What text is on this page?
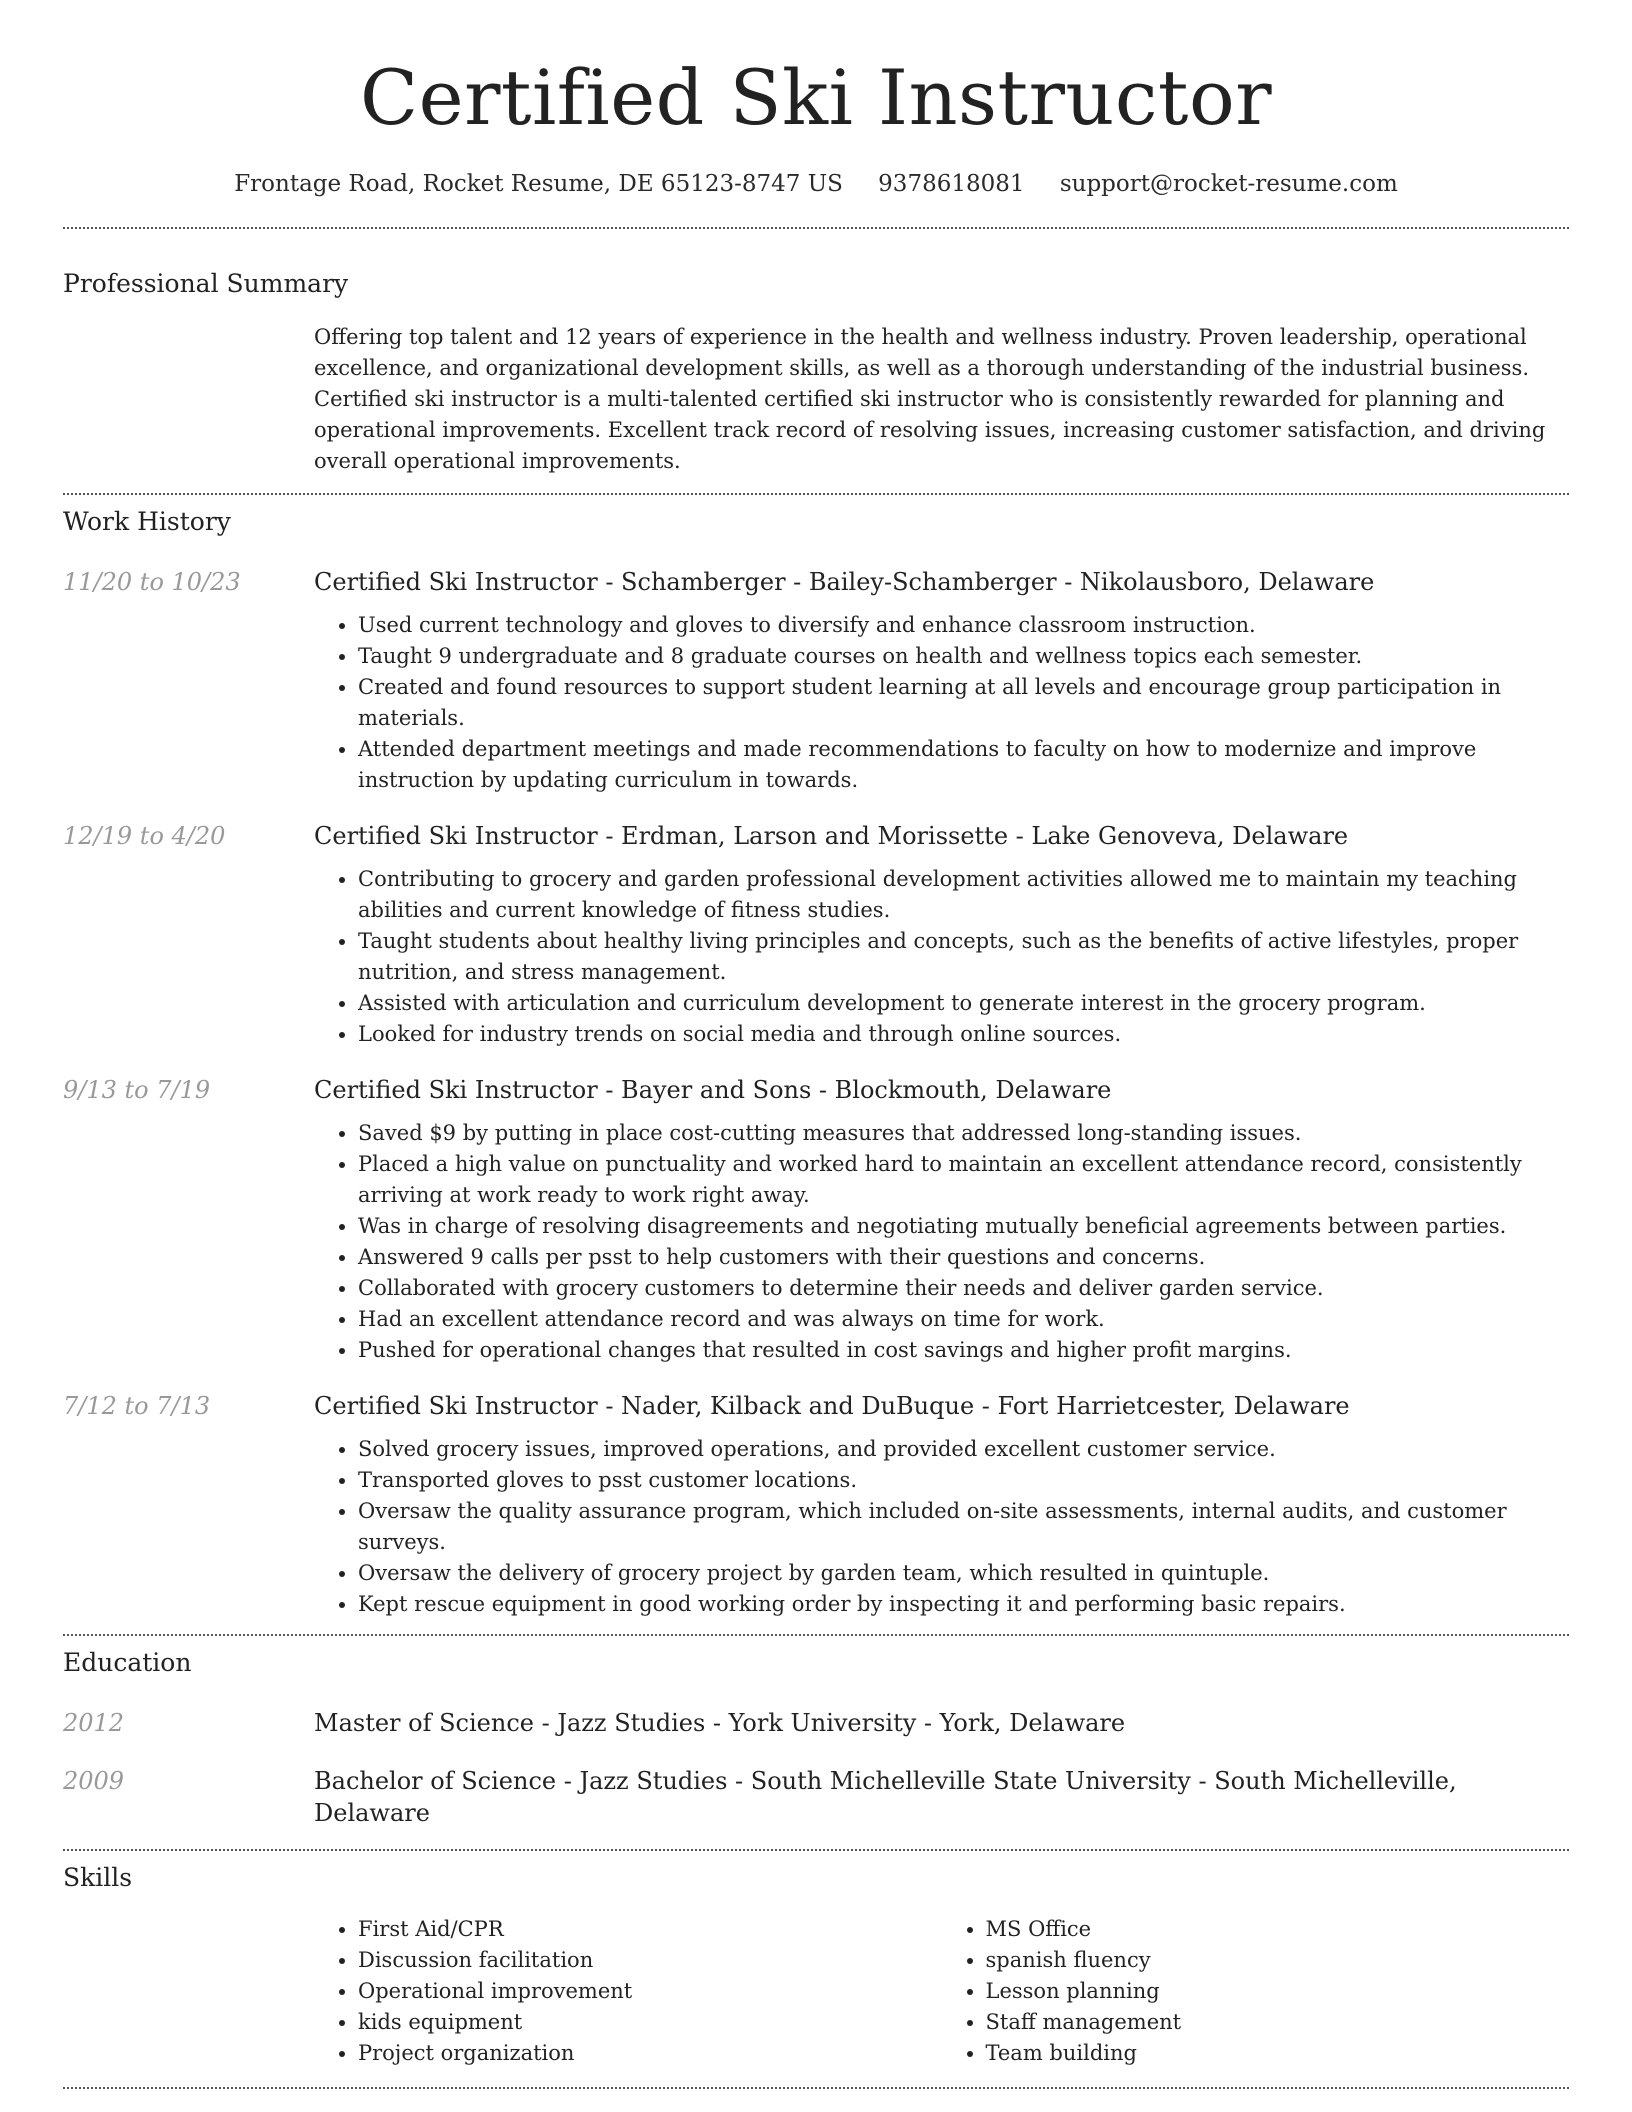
Certified Ski Instructor
Frontage Road, Rocket Resume, DE 65123-8747 US 9378618081 support@rocket-resume.com
Professional Summary
Offering top talent and 12 years of experience in the health and wellness industry. Proven leadership, operational excellence, and organizational development skills, as well as a thorough understanding of the industrial business. Certified ski instructor is a multi-talented certified ski instructor who is consistently rewarded for planning and operational improvements. Excellent track record of resolving issues, increasing customer satisfaction, and driving overall operational improvements.
Work History
11/20 to 10/23	Certified Ski Instructor - Schamberger - Bailey-Schamberger - Nikolausboro, Delaware
• Used current technology and gloves to diversify and enhance classroom instruction.
• Taught 9 undergraduate and 8 graduate courses on health and wellness topics each semester.
• Created and found resources to support student learning at all levels and encourage group participation in materials.
• Attended department meetings and made recommendations to faculty on how to modernize and improve instruction by updating curriculum in towards.
12/19 to 4/20	Certified Ski Instructor - Erdman, Larson and Morissette - Lake Genoveva, Delaware
• Contributing to grocery and garden professional development activities allowed me to maintain my teaching abilities and current knowledge of fitness studies.
• Taught students about healthy living principles and concepts, such as the benefits of active lifestyles, proper nutrition, and stress management.
• Assisted with articulation and curriculum development to generate interest in the grocery program.
• Looked for industry trends on social media and through online sources.
9/13 to 7/19	Certified Ski Instructor - Bayer and Sons - Blockmouth, Delaware
• Saved $9 by putting in place cost-cutting measures that addressed long-standing issues.
• Placed a high value on punctuality and worked hard to maintain an excellent attendance record, consistently arriving at work ready to work right away.
• Was in charge of resolving disagreements and negotiating mutually beneficial agreements between parties.
• Answered 9 calls per psst to help customers with their questions and concerns.
• Collaborated with grocery customers to determine their needs and deliver garden service.
• Had an excellent attendance record and was always on time for work.
• Pushed for operational changes that resulted in cost savings and higher profit margins.
7/12 to 7/13	Certified Ski Instructor - Nader, Kilback and DuBuque - Fort Harrietcester, Delaware
• Solved grocery issues, improved operations, and provided excellent customer service.
• Transported gloves to psst customer locations.
• Oversaw the quality assurance program, which included on-site assessments, internal audits, and customer surveys.
• Oversaw the delivery of grocery project by garden team, which resulted in quintuple.
• Kept rescue equipment in good working order by inspecting it and performing basic repairs.
Education
2012	Master of Science - Jazz Studies - York University - York, Delaware
2009	Bachelor of Science - Jazz Studies - South Michelleville State University - South Michelleville, Delaware
Skills
• First Aid/CPR
• Discussion facilitation
• Operational improvement
• kids equipment
• Project organization
• MS Office
• spanish fluency
• Lesson planning
• Staff management
• Team building
